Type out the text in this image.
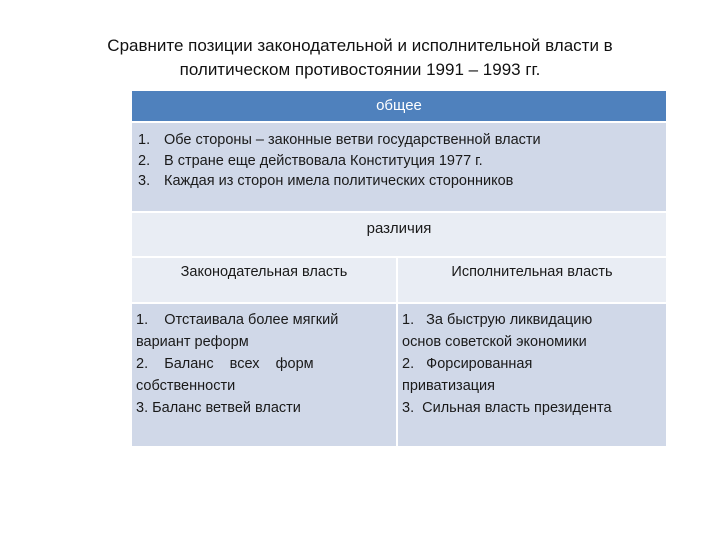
Сравните позиции законодательной и исполнительной власти в
политическом противостоянии 1991 – 1993 гг.
общее
1. Обе стороны – законные ветви государственной власти
2. В стране еще действовала Конституция 1977 г.
3. Каждая из сторон имела политических сторонников
различия
Законодательная власть	Исполнительная власть

1.    Отстаивала более мягкий

вариант реформ

2.    Баланс    всех    форм

собственности

3. Баланс ветвей власти

1.   За быструю ликвидацию

основ советской экономики

2.   Форсированная

приватизация

3.  Сильная власть президента
